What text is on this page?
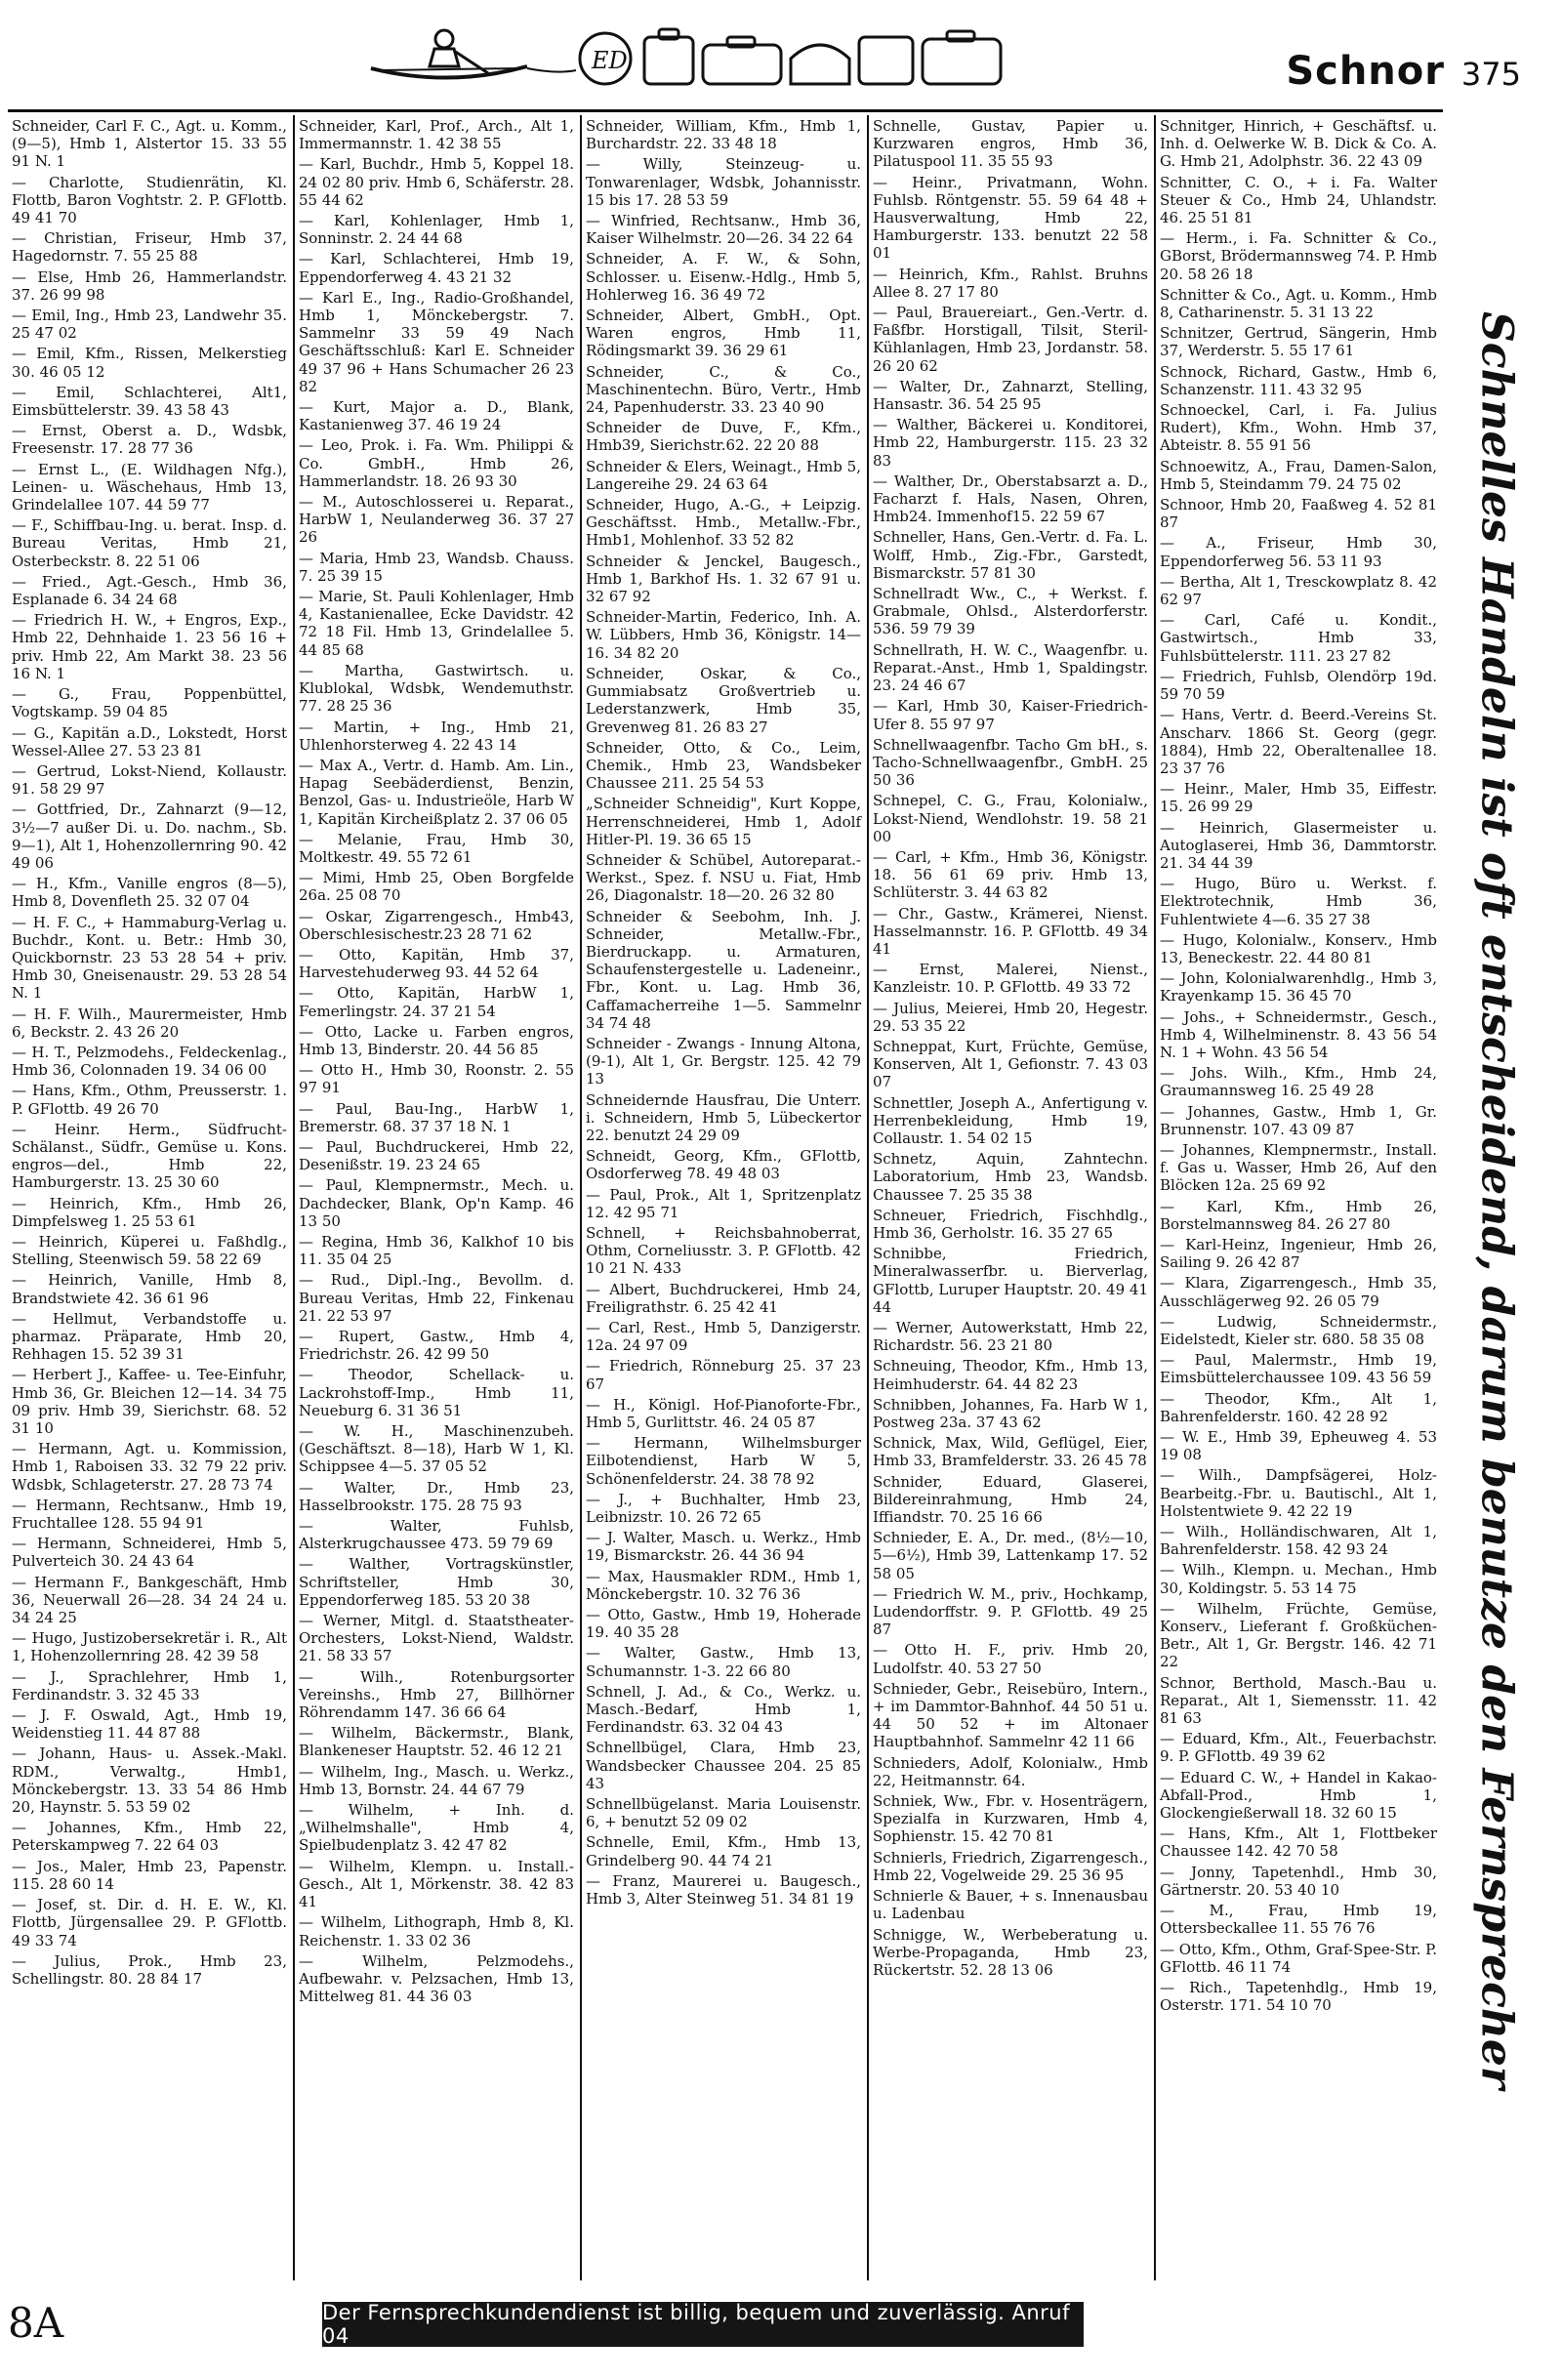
ED	Schnor 375
Schneider, Carl F. C., Agt. u. Komm., (9—5), Hmb 1, Alstertor 15. 33 55 91 N. 1
— Charlotte, Studienrätin, Kl. Flottb, Baron Voghtstr. 2. P. GFlottb. 49 41 70
— Christian, Friseur, Hmb 37, Hagedornstr. 7. 55 25 88
— Else, Hmb 26, Hammerlandstr. 37. 26 99 98
— Emil, Ing., Hmb 23, Landwehr 35. 25 47 02
— Emil, Kfm., Rissen, Melkerstieg 30. 46 05 12
— Emil, Schlachterei, Alt1, Eimsbüttelerstr. 39. 43 58 43
— Ernst, Oberst a. D., Wdsbk, Freesenstr. 17. 28 77 36
— Ernst L., (E. Wildhagen Nfg.), Leinen- u. Wäschehaus, Hmb 13, Grindelallee 107. 44 59 77
— F., Schiffbau-Ing. u. berat. Insp. d. Bureau Veritas, Hmb 21, Osterbeckstr. 8. 22 51 06
— Fried., Agt.-Gesch., Hmb 36, Esplanade 6. 34 24 68
— Friedrich H. W., + Engros, Exp., Hmb 22, Dehnhaide 1. 23 56 16 + priv. Hmb 22, Am Markt 38. 23 56 16 N. 1
— G., Frau, Poppenbüttel, Vogtskamp. 59 04 85
— G., Kapitän a.D., Lokstedt, Horst Wessel-Allee 27. 53 23 81
— Gertrud, Lokst-Niend, Kollaustr. 91. 58 29 97
— Gottfried, Dr., Zahnarzt (9—12, 3½—7 außer Di. u. Do. nachm., Sb. 9—1), Alt 1, Hohenzollernring 90. 42 49 06
— H., Kfm., Vanille engros (8—5), Hmb 8, Dovenfleth 25. 32 07 04
— H. F. C., + Hammaburg-Verlag u. Buchdr., Kont. u. Betr.: Hmb 30, Quickbornstr. 23 53 28 54 + priv. Hmb 30, Gneisenaustr. 29. 53 28 54 N. 1
— H. F. Wilh., Maurermeister, Hmb 6, Beckstr. 2. 43 26 20
— H. T., Pelzmodehs., Feldeckenlag., Hmb 36, Colonnaden 19. 34 06 00
— Hans, Kfm., Othm, Preusserstr. 1. P. GFlottb. 49 26 70
— Heinr. Herm., Südfrucht-Schälanst., Südfr., Gemüse u. Kons. engros—del., Hmb 22, Hamburgerstr. 13. 25 30 60
— Heinrich, Kfm., Hmb 26, Dimpfelsweg 1. 25 53 61
— Heinrich, Küperei u. Faßhdlg., Stelling, Steenwisch 59. 58 22 69
— Heinrich, Vanille, Hmb 8, Brandstwiete 42. 36 61 96
— Hellmut, Verbandstoffe u. pharmaz. Präparate, Hmb 20, Rehhagen 15. 52 39 31
— Herbert J., Kaffee- u. Tee-Einfuhr, Hmb 36, Gr. Bleichen 12—14. 34 75 09 priv. Hmb 39, Sierichstr. 68. 52 31 10
— Hermann, Agt. u. Kommission, Hmb 1, Raboisen 33. 32 79 22 priv. Wdsbk, Schlageterstr. 27. 28 73 74
— Hermann, Rechtsanw., Hmb 19, Fruchtallee 128. 55 94 91
— Hermann, Schneiderei, Hmb 5, Pulverteich 30. 24 43 64
— Hermann F., Bankgeschäft, Hmb 36, Neuerwall 26—28. 34 24 24 u. 34 24 25
— Hugo, Justizobersekretär i. R., Alt 1, Hohenzollernring 28. 42 39 58
— J., Sprachlehrer, Hmb 1, Ferdinandstr. 3. 32 45 33
— J. F. Oswald, Agt., Hmb 19, Weidenstieg 11. 44 87 88
— Johann, Haus- u. Assek.-Makl. RDM., Verwaltg., Hmb1, Mönckebergstr. 13. 33 54 86 Hmb 20, Haynstr. 5. 53 59 02
— Johannes, Kfm., Hmb 22, Peterskampweg 7. 22 64 03
— Jos., Maler, Hmb 23, Papenstr. 115. 28 60 14
— Josef, st. Dir. d. H. E. W., Kl. Flottb, Jürgensallee 29. P. GFlottb. 49 33 74
— Julius, Prok., Hmb 23, Schellingstr. 80. 28 84 17
Schneider, Karl, Prof., Arch., Alt 1, Immermannstr. 1. 42 38 55
— Karl, Buchdr., Hmb 5, Koppel 18. 24 02 80 priv. Hmb 6, Schäferstr. 28. 55 44 62
— Karl, Kohlenlager, Hmb 1, Sonninstr. 2. 24 44 68
— Karl, Schlachterei, Hmb 19, Eppendorferweg 4. 43 21 32
— Karl E., Ing., Radio-Großhandel, Hmb 1, Mönckebergstr. 7. Sammelnr 33 59 49 Nach Geschäftsschluß: Karl E. Schneider 49 37 96 + Hans Schumacher 26 23 82
— Kurt, Major a. D., Blank, Kastanienweg 37. 46 19 24
— Leo, Prok. i. Fa. Wm. Philippi & Co. GmbH., Hmb 26, Hammerlandstr. 18. 26 93 30
— M., Autoschlosserei u. Reparat., HarbW 1, Neulanderweg 36. 37 27 26
— Maria, Hmb 23, Wandsb. Chauss. 7. 25 39 15
— Marie, St. Pauli Kohlenlager, Hmb 4, Kastanienallee, Ecke Davidstr. 42 72 18 Fil. Hmb 13, Grindelallee 5. 44 85 68
— Martha, Gastwirtsch. u. Klublokal, Wdsbk, Wendemuthstr. 77. 28 25 36
— Martin, + Ing., Hmb 21, Uhlenhorsterweg 4. 22 43 14
— Max A., Vertr. d. Hamb. Am. Lin., Hapag Seebäderdienst, Benzin, Benzol, Gas- u. Industrieöle, Harb W 1, Kapitän Kircheißplatz 2. 37 06 05
— Melanie, Frau, Hmb 30, Moltkestr. 49. 55 72 61
— Mimi, Hmb 25, Oben Borgfelde 26a. 25 08 70
— Oskar, Zigarrengesch., Hmb43, Oberschlesischestr.23 28 71 62
— Otto, Kapitän, Hmb 37, Harvestehuderweg 93. 44 52 64
— Otto, Kapitän, HarbW 1, Femerlingstr. 24. 37 21 54
— Otto, Lacke u. Farben engros, Hmb 13, Binderstr. 20. 44 56 85
— Otto H., Hmb 30, Roonstr. 2. 55 97 91
— Paul, Bau-Ing., HarbW 1, Bremerstr. 68. 37 37 18 N. 1
— Paul, Buchdruckerei, Hmb 22, Desenißstr. 19. 23 24 65
— Paul, Klempnermstr., Mech. u. Dachdecker, Blank, Op'n Kamp. 46 13 50
— Regina, Hmb 36, Kalkhof 10 bis 11. 35 04 25
— Rud., Dipl.-Ing., Bevollm. d. Bureau Veritas, Hmb 22, Finkenau 21. 22 53 97
— Rupert, Gastw., Hmb 4, Friedrichstr. 26. 42 99 50
— Theodor, Schellack- u. Lackrohstoff-Imp., Hmb 11, Neueburg 6. 31 36 51
— W. H., Maschinenzubeh. (Geschäftszt. 8—18), Harb W 1, Kl. Schippsee 4—5. 37 05 52
— Walter, Dr., Hmb 23, Hasselbrookstr. 175. 28 75 93
— Walter, Fuhlsb, Alsterkrugchaussee 473. 59 79 69
— Walther, Vortragskünstler, Schriftsteller, Hmb 30, Eppendorferweg 185. 53 20 38
— Werner, Mitgl. d. Staatstheater-Orchesters, Lokst-Niend, Waldstr. 21. 58 33 57
— Wilh., Rotenburgsorter Vereinshs., Hmb 27, Billhörner Röhrendamm 147. 36 66 64
— Wilhelm, Bäckermstr., Blank, Blankeneser Hauptstr. 52. 46 12 21
— Wilhelm, Ing., Masch. u. Werkz., Hmb 13, Bornstr. 24. 44 67 79
— Wilhelm, + Inh. d. „Wilhelmshalle", Hmb 4, Spielbudenplatz 3. 42 47 82
— Wilhelm, Klempn. u. Install.-Gesch., Alt 1, Mörkenstr. 38. 42 83 41
— Wilhelm, Lithograph, Hmb 8, Kl. Reichenstr. 1. 33 02 36
— Wilhelm, Pelzmodehs., Aufbewahr. v. Pelzsachen, Hmb 13, Mittelweg 81. 44 36 03
Schneider, William, Kfm., Hmb 1, Burchardstr. 22. 33 48 18
— Willy, Steinzeug- u. Tonwarenlager, Wdsbk, Johannisstr. 15 bis 17. 28 53 59
— Winfried, Rechtsanw., Hmb 36, Kaiser Wilhelmstr. 20—26. 34 22 64
Schneider, A. F. W., & Sohn, Schlosser. u. Eisenw.-Hdlg., Hmb 5, Hohlerweg 16. 36 49 72
Schneider, Albert, GmbH., Opt. Waren engros, Hmb 11, Rödingsmarkt 39. 36 29 61
Schneider, C., & Co., Maschinentechn. Büro, Vertr., Hmb 24, Papenhuderstr. 33. 23 40 90
Schneider de Duve, F., Kfm., Hmb39, Sierichstr.62. 22 20 88
Schneider & Elers, Weinagt., Hmb 5, Langereihe 29. 24 63 64
Schneider, Hugo, A.-G., + Leipzig. Geschäftsst. Hmb., Metallw.-Fbr., Hmb1, Mohlenhof. 33 52 82
Schneider & Jenckel, Baugesch., Hmb 1, Barkhof Hs. 1. 32 67 91 u. 32 67 92
Schneider-Martin, Federico, Inh. A. W. Lübbers, Hmb 36, Königstr. 14—16. 34 82 20
Schneider, Oskar, & Co., Gummiabsatz Großvertrieb u. Lederstanzwerk, Hmb 35, Grevenweg 81. 26 83 27
Schneider, Otto, & Co., Leim, Chemik., Hmb 23, Wandsbeker Chaussee 211. 25 54 53
„Schneider Schneidig", Kurt Koppe, Herrenschneiderei, Hmb 1, Adolf Hitler-Pl. 19. 36 65 15
Schneider & Schübel, Autoreparat.-Werkst., Spez. f. NSU u. Fiat, Hmb 26, Diagonalstr. 18—20. 26 32 80
Schneider & Seebohm, Inh. J. Schneider, Metallw.-Fbr., Bierdruckapp. u. Armaturen, Schaufenstergestelle u. Ladeneinr., Fbr., Kont. u. Lag. Hmb 36, Caffamacherreihe 1—5. Sammelnr 34 74 48
Schneider - Zwangs - Innung Altona, (9-1), Alt 1, Gr. Bergstr. 125. 42 79 13
Schneidernde Hausfrau, Die Unterr. i. Schneidern, Hmb 5, Lübeckertor 22. benutzt 24 29 09
Schneidt, Georg, Kfm., GFlottb, Osdorferweg 78. 49 48 03
— Paul, Prok., Alt 1, Spritzenplatz 12. 42 95 71
Schnell, + Reichsbahnoberrat, Othm, Corneliusstr. 3. P. GFlottb. 42 10 21 N. 433
— Albert, Buchdruckerei, Hmb 24, Freiligrathstr. 6. 25 42 41
— Carl, Rest., Hmb 5, Danzigerstr. 12a. 24 97 09
— Friedrich, Rönneburg 25. 37 23 67
— H., Königl. Hof-Pianoforte-Fbr., Hmb 5, Gurlittstr. 46. 24 05 87
— Hermann, Wilhelmsburger Eilbotendienst, Harb W 5, Schönenfelderstr. 24. 38 78 92
— J., + Buchhalter, Hmb 23, Leibnizstr. 10. 26 72 65
— J. Walter, Masch. u. Werkz., Hmb 19, Bismarckstr. 26. 44 36 94
— Max, Hausmakler RDM., Hmb 1, Mönckebergstr. 10. 32 76 36
— Otto, Gastw., Hmb 19, Hoherade 19. 40 35 28
— Walter, Gastw., Hmb 13, Schumannstr. 1-3. 22 66 80
Schnell, J. Ad., & Co., Werkz. u. Masch.-Bedarf, Hmb 1, Ferdinandstr. 63. 32 04 43
Schnellbügel, Clara, Hmb 23, Wandsbecker Chaussee 204. 25 85 43
Schnellbügelanst. Maria Louisenstr. 6, + benutzt 52 09 02
Schnelle, Emil, Kfm., Hmb 13, Grindelberg 90. 44 74 21
— Franz, Maurerei u. Baugesch., Hmb 3, Alter Steinweg 51. 34 81 19
Schnelle, Gustav, Papier u. Kurzwaren engros, Hmb 36, Pilatuspool 11. 35 55 93
— Heinr., Privatmann, Wohn. Fuhlsb. Röntgenstr. 55. 59 64 48 + Hausverwaltung, Hmb 22, Hamburgerstr. 133. benutzt 22 58 01
— Heinrich, Kfm., Rahlst. Bruhns Allee 8. 27 17 80
— Paul, Brauereiart., Gen.-Vertr. d. Faßfbr. Horstigall, Tilsit, Steril-Kühlanlagen, Hmb 23, Jordanstr. 58. 26 20 62
— Walter, Dr., Zahnarzt, Stelling, Hansastr. 36. 54 25 95
— Walther, Bäckerei u. Konditorei, Hmb 22, Hamburgerstr. 115. 23 32 83
— Walther, Dr., Oberstabsarzt a. D., Facharzt f. Hals, Nasen, Ohren, Hmb24. Immenhof15. 22 59 67
Schneller, Hans, Gen.-Vertr. d. Fa. L. Wolff, Hmb., Zig.-Fbr., Garstedt, Bismarckstr. 57 81 30
Schnellradt Ww., C., + Werkst. f. Grabmale, Ohlsd., Alsterdorferstr. 536. 59 79 39
Schnellrath, H. W. C., Waagenfbr. u. Reparat.-Anst., Hmb 1, Spaldingstr. 23. 24 46 67
— Karl, Hmb 30, Kaiser-Friedrich-Ufer 8. 55 97 97
Schnellwaagenfbr. Tacho Gm bH., s. Tacho-Schnellwaagenfbr., GmbH. 25 50 36
Schnepel, C. G., Frau, Kolonialw., Lokst-Niend, Wendlohstr. 19. 58 21 00
— Carl, + Kfm., Hmb 36, Königstr. 18. 56 61 69 priv. Hmb 13, Schlüterstr. 3. 44 63 82
— Chr., Gastw., Krämerei, Nienst. Hasselmannstr. 16. P. GFlottb. 49 34 41
— Ernst, Malerei, Nienst., Kanzleistr. 10. P. GFlottb. 49 33 72
— Julius, Meierei, Hmb 20, Hegestr. 29. 53 35 22
Schneppat, Kurt, Früchte, Gemüse, Konserven, Alt 1, Gefionstr. 7. 43 03 07
Schnettler, Joseph A., Anfertigung v. Herrenbekleidung, Hmb 19, Collaustr. 1. 54 02 15
Schnetz, Aquin, Zahntechn. Laboratorium, Hmb 23, Wandsb. Chaussee 7. 25 35 38
Schneuer, Friedrich, Fischhdlg., Hmb 36, Gerholstr. 16. 35 27 65
Schnibbe, Friedrich, Mineralwasserfbr. u. Bierverlag, GFlottb, Luruper Hauptstr. 20. 49 41 44
— Werner, Autowerkstatt, Hmb 22, Richardstr. 56. 23 21 80
Schneuing, Theodor, Kfm., Hmb 13, Heimhuderstr. 64. 44 82 23
Schnibben, Johannes, Fa. Harb W 1, Postweg 23a. 37 43 62
Schnick, Max, Wild, Geflügel, Eier, Hmb 33, Bramfelderstr. 33. 26 45 78
Schnider, Eduard, Glaserei, Bildereinrahmung, Hmb 24, Iffiandstr. 70. 25 16 66
Schnieder, E. A., Dr. med., (8½—10, 5—6½), Hmb 39, Lattenkamp 17. 52 58 05
— Friedrich W. M., priv., Hochkamp, Ludendorffstr. 9. P. GFlottb. 49 25 87
— Otto H. F., priv. Hmb 20, Ludolfstr. 40. 53 27 50
Schnieder, Gebr., Reisebüro, Intern., + im Dammtor-Bahnhof. 44 50 51 u. 44 50 52 + im Altonaer Hauptbahnhof. Sammelnr 42 11 66
Schnieders, Adolf, Kolonialw., Hmb 22, Heitmannstr. 64.
Schniek, Ww., Fbr. v. Hosenträgern, Spezialfa in Kurzwaren, Hmb 4, Sophienstr. 15. 42 70 81
Schnierls, Friedrich, Zigarrengesch., Hmb 22, Vogelweide 29. 25 36 95
Schnierle & Bauer, + s. Innenausbau u. Ladenbau
Schnigge, W., Werbeberatung u. Werbe-Propaganda, Hmb 23, Rückertstr. 52. 28 13 06
Schnitger, Hinrich, + Geschäftsf. u. Inh. d. Oelwerke W. B. Dick & Co. A. G. Hmb 21, Adolphstr. 36. 22 43 09
Schnitter, C. O., + i. Fa. Walter Steuer & Co., Hmb 24, Uhlandstr. 46. 25 51 81
— Herm., i. Fa. Schnitter & Co., GBorst, Brödermannsweg 74. P. Hmb 20. 58 26 18
Schnitter & Co., Agt. u. Komm., Hmb 8, Catharinenstr. 5. 31 13 22
Schnitzer, Gertrud, Sängerin, Hmb 37, Werderstr. 5. 55 17 61
Schnock, Richard, Gastw., Hmb 6, Schanzenstr. 111. 43 32 95
Schnoeckel, Carl, i. Fa. Julius Rudert), Kfm., Wohn. Hmb 37, Abteistr. 8. 55 91 56
Schnoewitz, A., Frau, Damen-Salon, Hmb 5, Steindamm 79. 24 75 02
Schnoor, Hmb 20, Faaßweg 4. 52 81 87
— A., Friseur, Hmb 30, Eppendorferweg 56. 53 11 93
— Bertha, Alt 1, Tresckowplatz 8. 42 62 97
— Carl, Café u. Kondit., Gastwirtsch., Hmb 33, Fuhlsbüttelerstr. 111. 23 27 82
— Friedrich, Fuhlsb, Olendörp 19d. 59 70 59
— Hans, Vertr. d. Beerd.-Vereins St. Anscharv. 1866 St. Georg (gegr. 1884), Hmb 22, Oberaltenallee 18. 23 37 76
— Heinr., Maler, Hmb 35, Eiffestr. 15. 26 99 29
— Heinrich, Glasermeister u. Autoglaserei, Hmb 36, Dammtorstr. 21. 34 44 39
— Hugo, Büro u. Werkst. f. Elektrotechnik, Hmb 36, Fuhlentwiete 4—6. 35 27 38
— Hugo, Kolonialw., Konserv., Hmb 13, Beneckestr. 22. 44 80 81
— John, Kolonialwarenhdlg., Hmb 3, Krayenkamp 15. 36 45 70
— Johs., + Schneidermstr., Gesch., Hmb 4, Wilhelminenstr. 8. 43 56 54 N. 1 + Wohn. 43 56 54
— Johs. Wilh., Kfm., Hmb 24, Graumannsweg 16. 25 49 28
— Johannes, Gastw., Hmb 1, Gr. Brunnenstr. 107. 43 09 87
— Johannes, Klempnermstr., Install. f. Gas u. Wasser, Hmb 26, Auf den Blöcken 12a. 25 69 92
— Karl, Kfm., Hmb 26, Borstelmannsweg 84. 26 27 80
— Karl-Heinz, Ingenieur, Hmb 26, Sailing 9. 26 42 87
— Klara, Zigarrengesch., Hmb 35, Ausschlägerweg 92. 26 05 79
— Ludwig, Schneidermstr., Eidelstedt, Kieler str. 680. 58 35 08
— Paul, Malermstr., Hmb 19, Eimsbüttelerchaussee 109. 43 56 59
— Theodor, Kfm., Alt 1, Bahrenfelderstr. 160. 42 28 92
— W. E., Hmb 39, Epheuweg 4. 53 19 08
— Wilh., Dampfsägerei, Holz-Bearbeitg.-Fbr. u. Bautischl., Alt 1, Holstentwiete 9. 42 22 19
— Wilh., Holländischwaren, Alt 1, Bahrenfelderstr. 158. 42 93 24
— Wilh., Klempn. u. Mechan., Hmb 30, Koldingstr. 5. 53 14 75
— Wilhelm, Früchte, Gemüse, Konserv., Lieferant f. Großküchen-Betr., Alt 1, Gr. Bergstr. 146. 42 71 22
Schnor, Berthold, Masch.-Bau u. Reparat., Alt 1, Siemensstr. 11. 42 81 63
— Eduard, Kfm., Alt., Feuerbachstr. 9. P. GFlottb. 49 39 62
— Eduard C. W., + Handel in Kakao-Abfall-Prod., Hmb 1, Glockengießerwall 18. 32 60 15
— Hans, Kfm., Alt 1, Flottbeker Chaussee 142. 42 70 58
— Jonny, Tapetenhdl., Hmb 30, Gärtnerstr. 20. 53 40 10
— M., Frau, Hmb 19, Ottersbeckallee 11. 55 76 76
— Otto, Kfm., Othm, Graf-Spee-Str. P. GFlottb. 46 11 74
— Rich., Tapetenhdlg., Hmb 19, Osterstr. 171. 54 10 70	Schnelles Handeln ist oft entscheidend, darum benutze den Fernsprecher
8A	Der Fernsprechkundendienst ist billig, bequem und zuverlässig. Anruf 04
